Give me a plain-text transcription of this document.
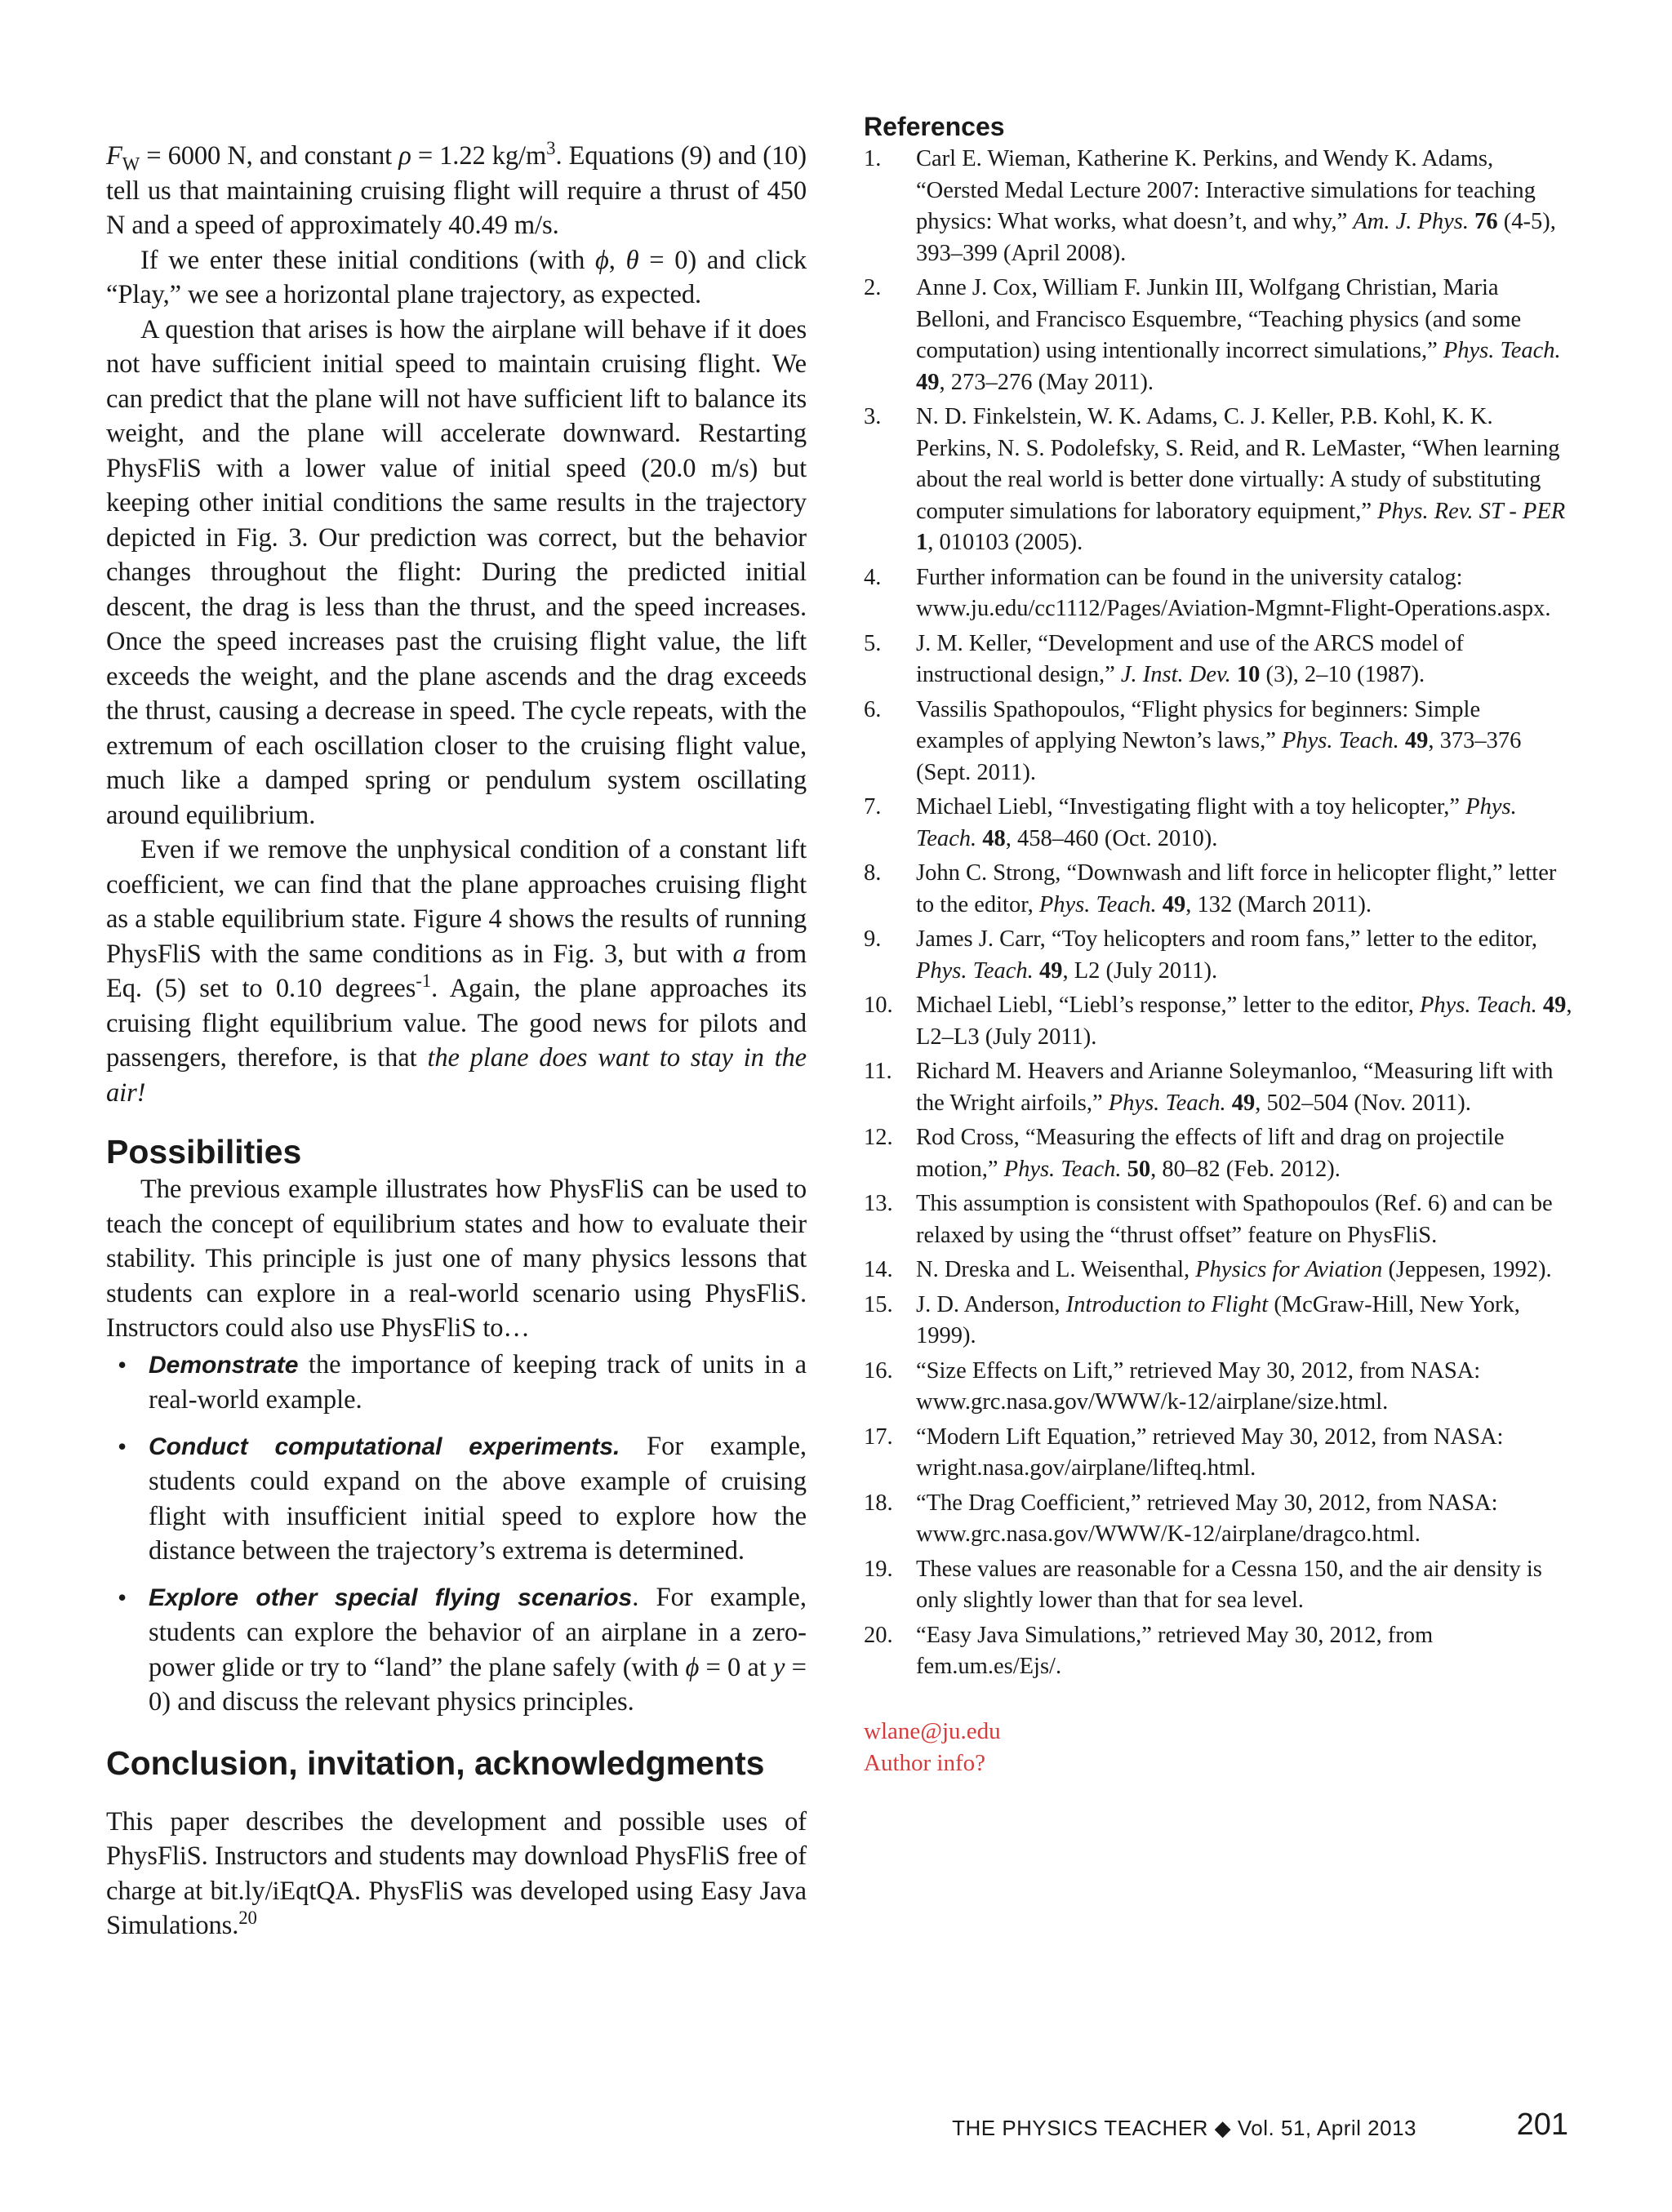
$F_W = 6000$ N, and constant ρ = 1.22 $kg/m^3$. Equations (9) and (10) tell us that maintaining cruising flight will require a thrust of 450 N and a speed of approximately 40.49 m/s.

If we enter these initial conditions (with ϕ, θ = 0) and click “Play,” we see a horizontal plane trajectory, as expected.

A question that arises is how the airplane will behave if it does not have sufficient initial speed to maintain cruising flight. We can predict that the plane will not have sufficient lift to balance its weight, and the plane will accelerate downward. Restarting PhysFliS with a lower value of initial speed (20.0 m/s) but keeping other initial conditions the same results in the trajectory depicted in Fig. 3. Our prediction was correct, but the behavior changes throughout the flight: During the predicted initial descent, the drag is less than the thrust, and the speed increases. Once the speed increases past the cruising flight value, the lift exceeds the weight, and the plane ascends and the drag exceeds the thrust, causing a decrease in speed. The cycle repeats, with the extremum of each oscillation closer to the cruising flight value, much like a damped spring or pendulum system oscillating around equilibrium.

Even if we remove the unphysical condition of a constant lift coefficient, we can find that the plane approaches cruising flight as a stable equilibrium state. Figure 4 shows the results of running PhysFliS with the same conditions as in Fig. 3, but with a from Eq. (5) set to 0.10 degrees$^{-1}$. Again, the plane approaches its cruising flight equilibrium value. The good news for pilots and passengers, therefore, is that the plane does want to stay in the air!

Possibilities

The previous example illustrates how PhysFliS can be used to teach the concept of equilibrium states and how to evaluate their stability. This principle is just one of many physics lessons that students can explore in a real-world scenario using PhysFliS. Instructors could also use PhysFliS to…

• Demonstrate the importance of keeping track of units in a real-world example.
• Conduct computational experiments. For example, students could expand on the above example of cruising flight with insufficient initial speed to explore how the distance between the trajectory’s extrema is determined.
• Explore other special flying scenarios. For example, students can explore the behavior of an airplane in a zero-power glide or try to “land” the plane safely (with ϕ = 0 at y = 0) and discuss the relevant physics principles.
Conclusion, invitation, acknowledgments

This paper describes the development and possible uses of PhysFliS. Instructors and students may download PhysFliS free of charge at bit.ly/iEqtQA. PhysFliS was developed using Easy Java Simulations.$^{20}$

References
1. Carl E. Wieman, Katherine K. Perkins, and Wendy K. Adams, “Oersted Medal Lecture 2007: Interactive simulations for teaching physics: What works, what doesn’t, and why,” Am. J. Phys. 76 (4-5), 393–399 (April 2008).
2. Anne J. Cox, William F. Junkin III, Wolfgang Christian, Maria Belloni, and Francisco Esquembre, “Teaching physics (and some computation) using intentionally incorrect simulations,” Phys. Teach. 49, 273–276 (May 2011).
3. N. D. Finkelstein, W. K. Adams, C. J. Keller, P.B. Kohl, K. K. Perkins, N. S. Podolefsky, S. Reid, and R. LeMaster, “When learning about the real world is better done virtually: A study of substituting computer simulations for laboratory equipment,” Phys. Rev. ST - PER 1, 010103 (2005).
4. Further information can be found in the university catalog: www.ju.edu/cc1112/Pages/Aviation-Mgmnt-Flight-Operations.aspx.
5. J. M. Keller, “Development and use of the ARCS model of instructional design,” J. Inst. Dev. 10 (3), 2–10 (1987).
6. Vassilis Spathopoulos, “Flight physics for beginners: Simple examples of applying Newton’s laws,” Phys. Teach. 49, 373–376 (Sept. 2011).
7. Michael Liebl, “Investigating flight with a toy helicopter,” Phys. Teach. 48, 458–460 (Oct. 2010).
8. John C. Strong, “Downwash and lift force in helicopter flight,” letter to the editor, Phys. Teach. 49, 132 (March 2011).
9. James J. Carr, “Toy helicopters and room fans,” letter to the editor, Phys. Teach. 49, L2 (July 2011).
10. Michael Liebl, “Liebl’s response,” letter to the editor, Phys. Teach. 49, L2–L3 (July 2011).
11. Richard M. Heavers and Arianne Soleymanloo, “Measuring lift with the Wright airfoils,” Phys. Teach. 49, 502–504 (Nov. 2011).
12. Rod Cross, “Measuring the effects of lift and drag on projectile motion,” Phys. Teach. 50, 80–82 (Feb. 2012).
13. This assumption is consistent with Spathopoulos (Ref. 6) and can be relaxed by using the “thrust offset” feature on PhysFliS.
14. N. Dreska and L. Weisenthal, Physics for Aviation (Jeppesen, 1992).
15. J. D. Anderson, Introduction to Flight (McGraw-Hill, New York, 1999).
16. “Size Effects on Lift,” retrieved May 30, 2012, from NASA: www.grc.nasa.gov/WWW/k-12/airplane/size.html.
17. “Modern Lift Equation,” retrieved May 30, 2012, from NASA: wright.nasa.gov/airplane/lifteq.html.
18. “The Drag Coefficient,” retrieved May 30, 2012, from NASA: www.grc.nasa.gov/WWW/K-12/airplane/dragco.html.
19. These values are reasonable for a Cessna 150, and the air density is only slightly lower than that for sea level.
20. “Easy Java Simulations,” retrieved May 30, 2012, from fem.um.es/Ejs/.
wlane@ju.edu
Author info?
THE PHYSICS TEACHER ◆ Vol. 51, April 2013	201
